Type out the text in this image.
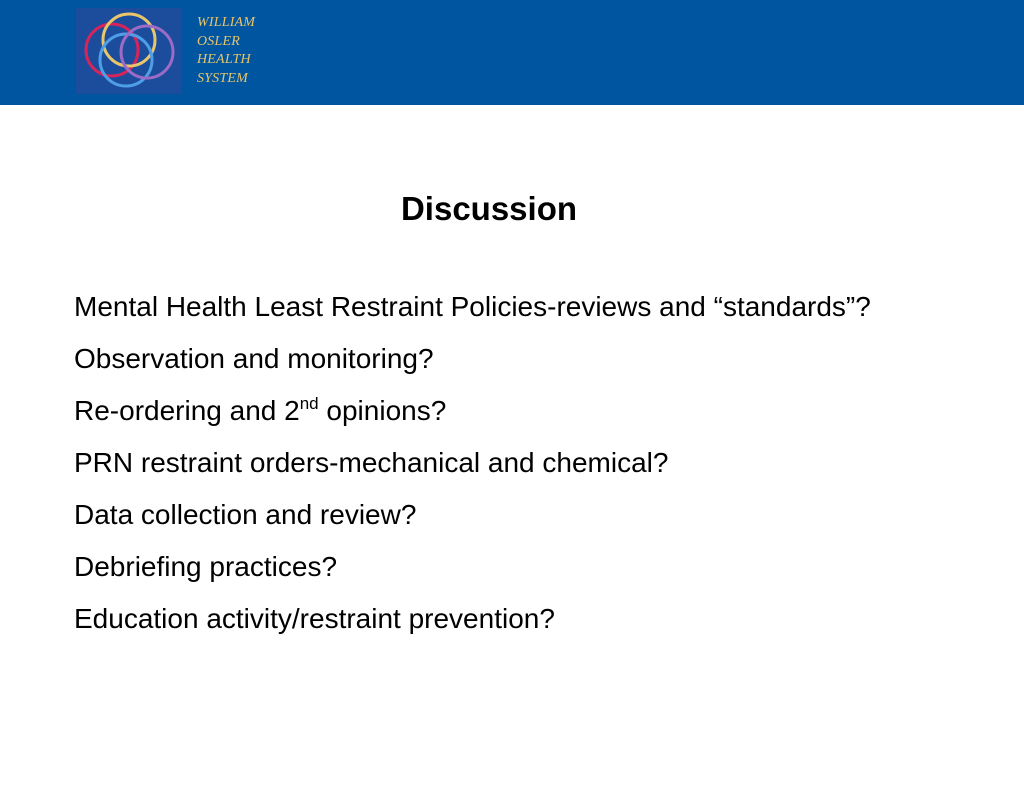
WILLIAM
OSLER
HEALTH
SYSTEM
Discussion
Mental Health Least Restraint Policies-reviews and “standards”?
Observation and monitoring?
Re-ordering and 2nd opinions?
PRN restraint orders-mechanical and chemical?
Data collection and review?
Debriefing practices?
Education activity/restraint prevention?
